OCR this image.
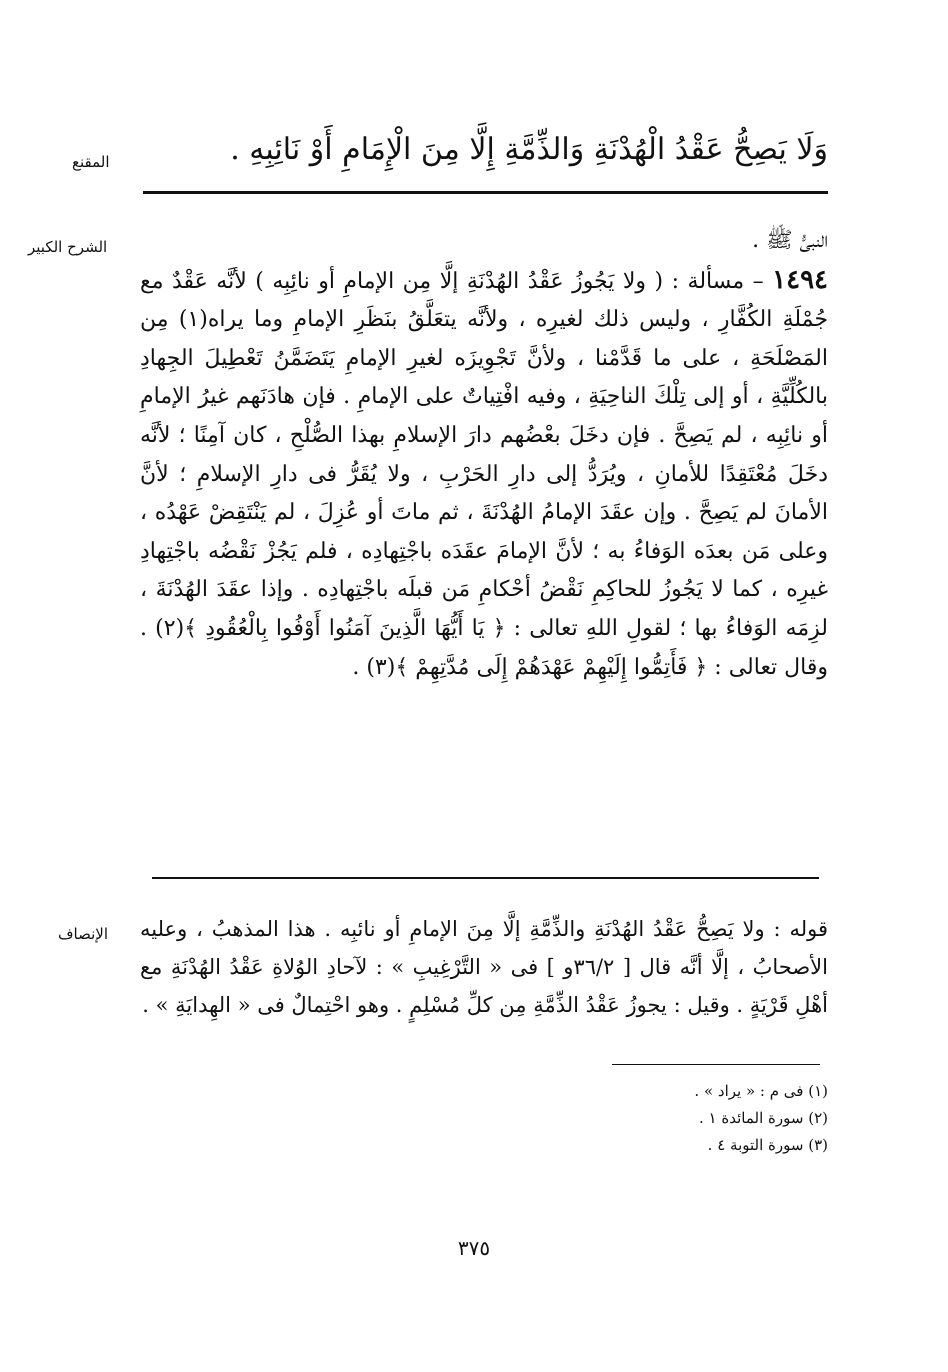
المقنع
الشرح الكبير
الإنصاف
وَلَا يَصِحُّ عَقْدُ الْهُدْنَةِ وَالذِّمَّةِ إِلَّا مِنَ الْإِمَامِ أَوْ نَائِبِهِ .

النبىُّ ﷺ .

١٤٩٤ – مسألة : ( ولا يَجُوزُ عَقْدُ الهُدْنَةِ إلَّا مِن الإمامِ أو نائِبِه ) لأنَّه عَقْدٌ مع جُمْلَةِ الكُفَّارِ ، وليس ذلك لغيرِه ، ولأنَّه يتعَلَّقُ بنَظَرِ الإمامِ وما يراه(١) مِن المَصْلَحَةِ ، على ما قَدَّمْنا ، ولأنَّ تَجْوِيزَه لغيرِ الإمامِ يَتَضَمَّنُ تَعْطِيلَ الجِهادِ بالكُلِّيَّةِ ، أو إلى تِلْكَ الناحِيَةِ ، وفيه افْتِياتٌ على الإمامِ . فإن هادَنَهم غيرُ الإمامِ أو نائِبِه ، لم يَصِحَّ . فإن دخَلَ بعْضُهم دارَ الإسلامِ بهذا الصُّلْحِ ، كان آمِنًا ؛ لأنَّه دخَلَ مُعْتَقِدًا للأمانِ ، ويُرَدُّ إلى دارِ الحَرْبِ ، ولا يُقَرُّ فى دارِ الإسلامِ ؛ لأنَّ الأمانَ لم يَصِحَّ . وإن عقَدَ الإمامُ الهُدْنَةَ ، ثم ماتَ أو عُزِلَ ، لم يَنْتَقِضْ عَهْدُه ، وعلى مَن بعدَه الوَفاءُ به ؛ لأنَّ الإمامَ عقَدَه باجْتِهادِه ، فلم يَجُزْ نَقْضُه باجْتِهادِ غيرِه ، كما لا يَجُوزُ للحاكِمِ نَقْضُ أحْكامِ مَن قبلَه باجْتِهادِه . وإذا عقَدَ الهُدْنَةَ ، لزِمَه الوَفاءُ بها ؛ لقولِ اللهِ تعالى : ﴿ يَا أَيُّهَا الَّذِينَ آمَنُوا أَوْفُوا بِالْعُقُودِ ﴾(٢) . وقال تعالى : ﴿ فَأَتِمُّوا إِلَيْهِمْ عَهْدَهُمْ إِلَى مُدَّتِهِمْ ﴾(٣) .

قوله : ولا يَصِحُّ عَقْدُ الهُدْنَةِ والذِّمَّةِ إلَّا مِنَ الإمامِ أو نائبِه . هذا المذهبُ ، وعليه الأصحابُ ، إلَّا أنَّه قال [ ٣٦/٢و ] فى « التَّرْغِيبِ » : لآحادِ الوُلاةِ عَقْدُ الهُدْنَةِ مع أهْلِ قَرْيَةٍ . وقيل : يجوزُ عَقْدُ الذِّمَّةِ مِن كلِّ مُسْلِمٍ . وهو احْتِمالٌ فى « الهِدايَةِ » .

(١) فى م : « يراد » .
(٢) سورة المائدة ١ .
(٣) سورة التوبة ٤ .
٣٧٥
